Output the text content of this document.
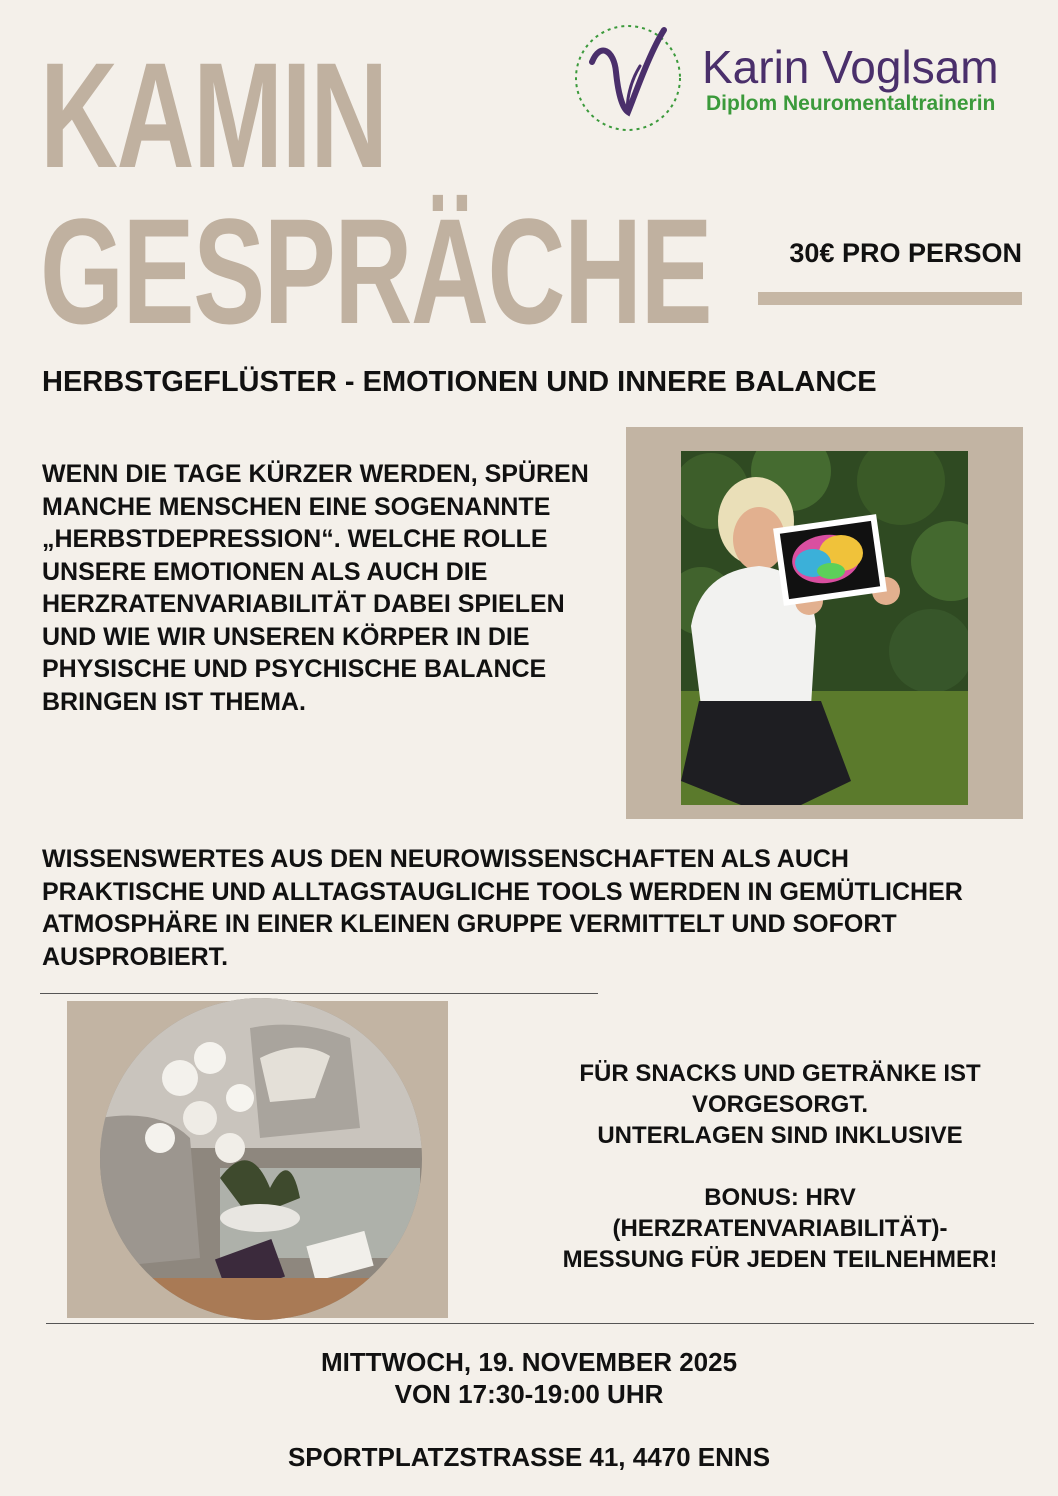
KAMIN
GESPRÄCHE
Karin Voglsam
Diplom Neuromentaltrainerin
30€ PRO PERSON
HERBSTGEFLÜSTER - EMOTIONEN UND INNERE BALANCE
WENN DIE TAGE KÜRZER WERDEN, SPÜREN MANCHE MENSCHEN EINE SOGENANNTE „HERBSTDEPRESSION“. WELCHE ROLLE UNSERE EMOTIONEN ALS AUCH DIE HERZRATENVARIABILITÄT DABEI SPIELEN UND WIE WIR UNSEREN KÖRPER IN DIE PHYSISCHE UND PSYCHISCHE BALANCE BRINGEN IST THEMA.
WISSENSWERTES AUS DEN NEUROWISSENSCHAFTEN ALS AUCH PRAKTISCHE UND ALLTAGSTAUGLICHE TOOLS WERDEN IN GEMÜTLICHER ATMOSPHÄRE IN EINER KLEINEN GRUPPE VERMITTELT UND SOFORT AUSPROBIERT.
FÜR SNACKS UND GETRÄNKE IST
VORGESORGT.
UNTERLAGEN SIND INKLUSIVE
BONUS: HRV
(HERZRATENVARIABILITÄT)-
MESSUNG FÜR JEDEN TEILNEHMER!
MITTWOCH, 19. NOVEMBER 2025
VON 17:30-19:00 UHR
SPORTPLATZSTRASSE 41, 4470 ENNS
